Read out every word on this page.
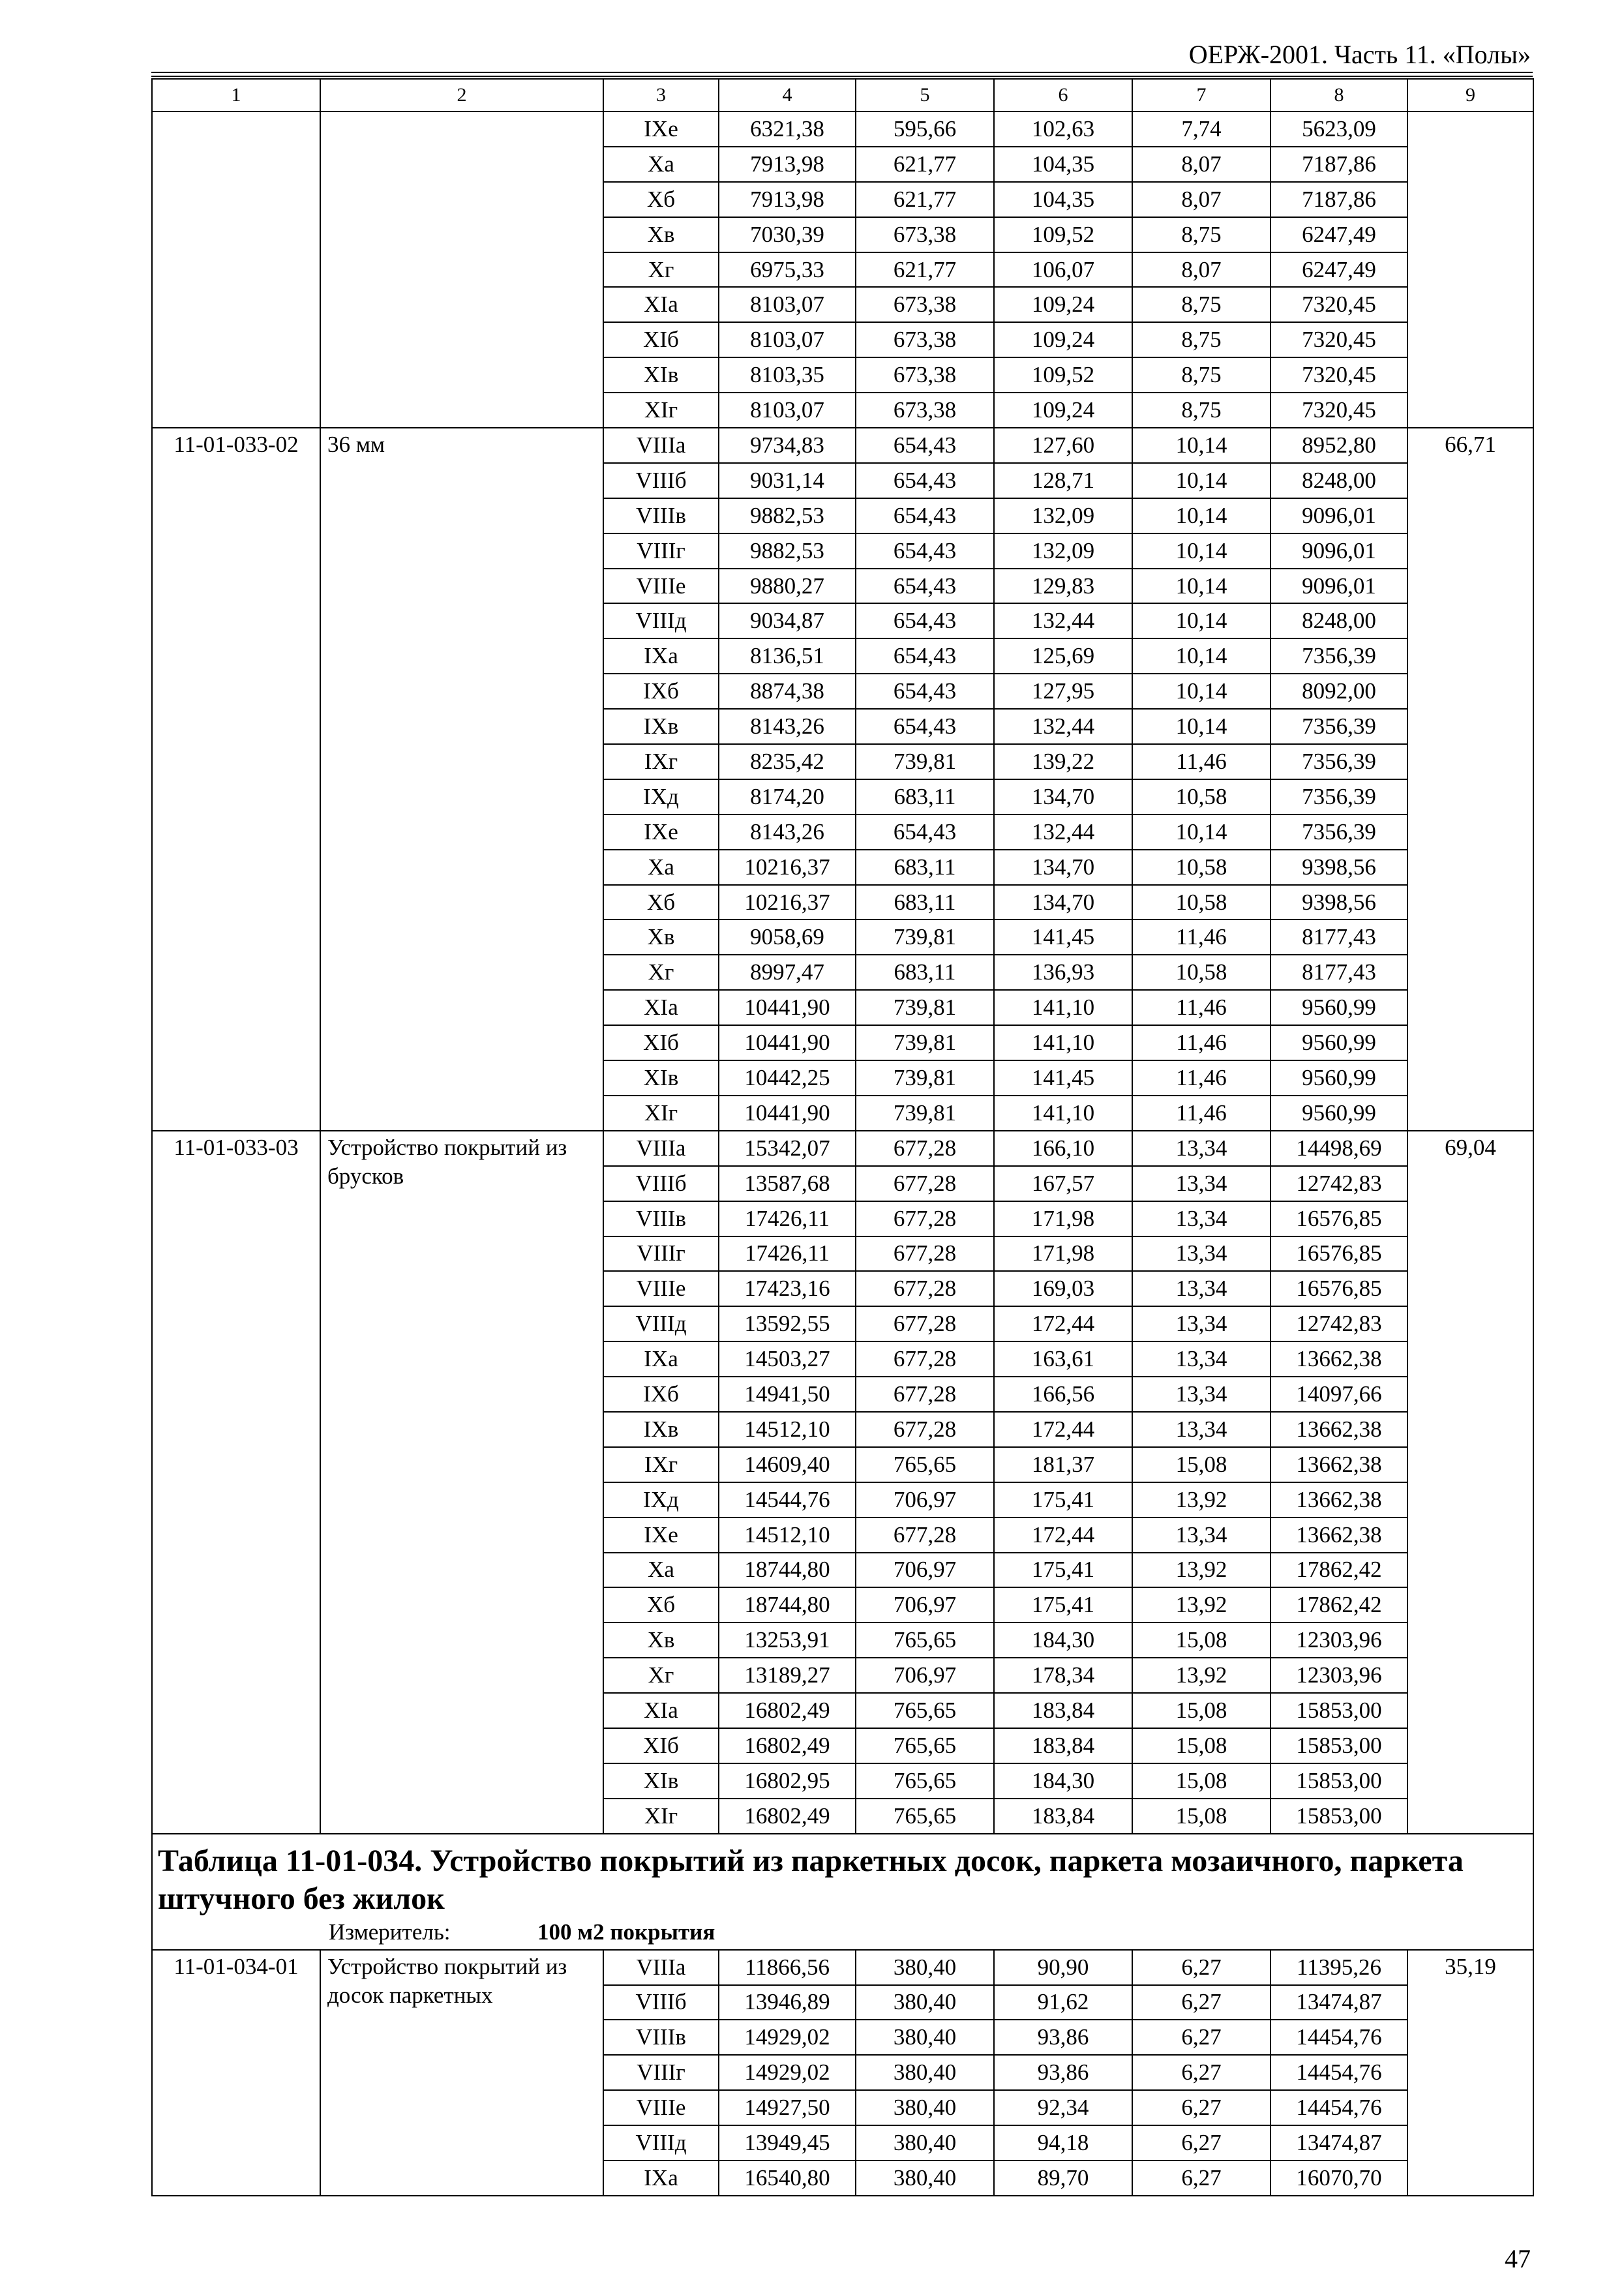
ОЕРЖ-2001. Часть 11. «Полы»
1	2	3	4	5	6	7	8	9
		IXe	6321,38	595,66	102,63	7,74	5623,09	
		Xa	7913,98	621,77	104,35	8,07	7187,86	
		Xб	7913,98	621,77	104,35	8,07	7187,86	
		Xв	7030,39	673,38	109,52	8,75	6247,49	
		Xг	6975,33	621,77	106,07	8,07	6247,49	
		XIa	8103,07	673,38	109,24	8,75	7320,45	
		XIб	8103,07	673,38	109,24	8,75	7320,45	
		XIв	8103,35	673,38	109,52	8,75	7320,45	
		XIг	8103,07	673,38	109,24	8,75	7320,45	
11-01-033-02	36 мм	VIIIa	9734,83	654,43	127,60	10,14	8952,80	66,71
		VIIIб	9031,14	654,43	128,71	10,14	8248,00	
		VIIIв	9882,53	654,43	132,09	10,14	9096,01	
		VIIIг	9882,53	654,43	132,09	10,14	9096,01	
		VIIIe	9880,27	654,43	129,83	10,14	9096,01	
		VIIIд	9034,87	654,43	132,44	10,14	8248,00	
		IXa	8136,51	654,43	125,69	10,14	7356,39	
		IXб	8874,38	654,43	127,95	10,14	8092,00	
		IXв	8143,26	654,43	132,44	10,14	7356,39	
		IXг	8235,42	739,81	139,22	11,46	7356,39	
		IXд	8174,20	683,11	134,70	10,58	7356,39	
		IXe	8143,26	654,43	132,44	10,14	7356,39	
		Xa	10216,37	683,11	134,70	10,58	9398,56	
		Xб	10216,37	683,11	134,70	10,58	9398,56	
		Xв	9058,69	739,81	141,45	11,46	8177,43	
		Xг	8997,47	683,11	136,93	10,58	8177,43	
		XIa	10441,90	739,81	141,10	11,46	9560,99	
		XIб	10441,90	739,81	141,10	11,46	9560,99	
		XIв	10442,25	739,81	141,45	11,46	9560,99	
		XIг	10441,90	739,81	141,10	11,46	9560,99	
11-01-033-03	Устройство покрытий из брусков	VIIIa	15342,07	677,28	166,10	13,34	14498,69	69,04
		VIIIб	13587,68	677,28	167,57	13,34	12742,83	
		VIIIв	17426,11	677,28	171,98	13,34	16576,85	
		VIIIг	17426,11	677,28	171,98	13,34	16576,85	
		VIIIe	17423,16	677,28	169,03	13,34	16576,85	
		VIIIд	13592,55	677,28	172,44	13,34	12742,83	
		IXa	14503,27	677,28	163,61	13,34	13662,38	
		IXб	14941,50	677,28	166,56	13,34	14097,66	
		IXв	14512,10	677,28	172,44	13,34	13662,38	
		IXг	14609,40	765,65	181,37	15,08	13662,38	
		IXд	14544,76	706,97	175,41	13,92	13662,38	
		IXe	14512,10	677,28	172,44	13,34	13662,38	
		Xa	18744,80	706,97	175,41	13,92	17862,42	
		Xб	18744,80	706,97	175,41	13,92	17862,42	
		Xв	13253,91	765,65	184,30	15,08	12303,96	
		Xг	13189,27	706,97	178,34	13,92	12303,96	
		XIa	16802,49	765,65	183,84	15,08	15853,00	
		XIб	16802,49	765,65	183,84	15,08	15853,00	
		XIв	16802,95	765,65	184,30	15,08	15853,00	
		XIг	16802,49	765,65	183,84	15,08	15853,00	

Таблица 11-01-034. Устройство покрытий из паркетных досок, паркета мозаичного, паркета штучного без жилок
Измеритель: 100 м2 покрытия								

11-01-034-01	Устройство покрытий из досок паркетных	VIIIa	11866,56	380,40	90,90	6,27	11395,26	35,19
		VIIIб	13946,89	380,40	91,62	6,27	13474,87	
		VIIIв	14929,02	380,40	93,86	6,27	14454,76	
		VIIIг	14929,02	380,40	93,86	6,27	14454,76	
		VIIIe	14927,50	380,40	92,34	6,27	14454,76	
		VIIIд	13949,45	380,40	94,18	6,27	13474,87	
		IXa	16540,80	380,40	89,70	6,27	16070,70	
47
